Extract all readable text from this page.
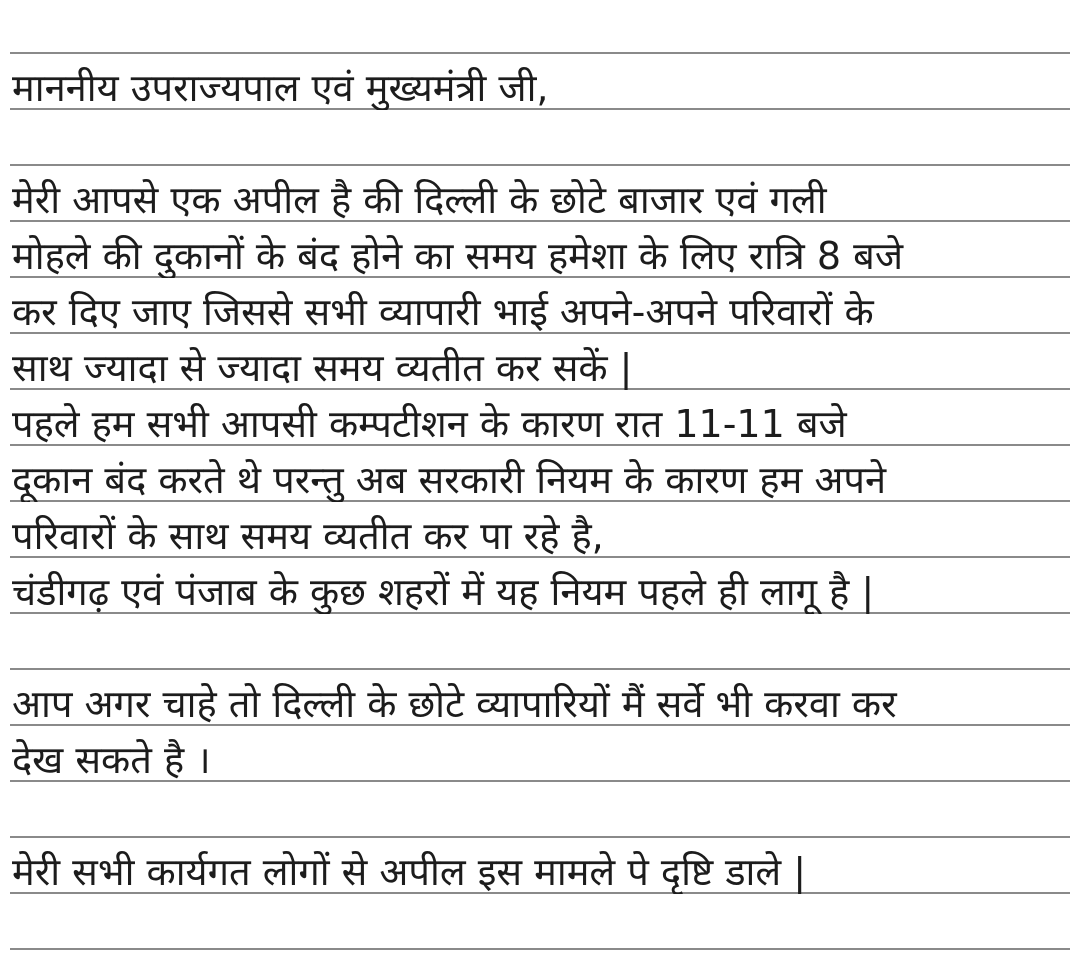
माननीय उपराज्यपाल एवं मुख्यमंत्री जी,
मेरी आपसे एक अपील है की दिल्ली के छोटे बाजार एवं गली
मोहले की दुकानों के बंद होने का समय हमेशा के लिए रात्रि 8 बजे
कर दिए जाए जिससे सभी व्यापारी भाई अपने-अपने परिवारों के
साथ ज्यादा से ज्यादा समय व्यतीत कर सकें |
पहले हम सभी आपसी कम्पटीशन के कारण रात 11-11 बजे
दूकान बंद करते थे परन्तु अब सरकारी नियम के कारण हम अपने
परिवारों के साथ समय व्यतीत कर पा रहे है,
चंडीगढ़ एवं पंजाब के कुछ शहरों में यह नियम पहले ही लागू है |
आप अगर चाहे तो दिल्ली के छोटे व्यापारियों मैं सर्वे भी करवा कर
देख सकते है ।
मेरी सभी कार्यगत लोगों से अपील इस मामले पे दृष्टि डाले |
